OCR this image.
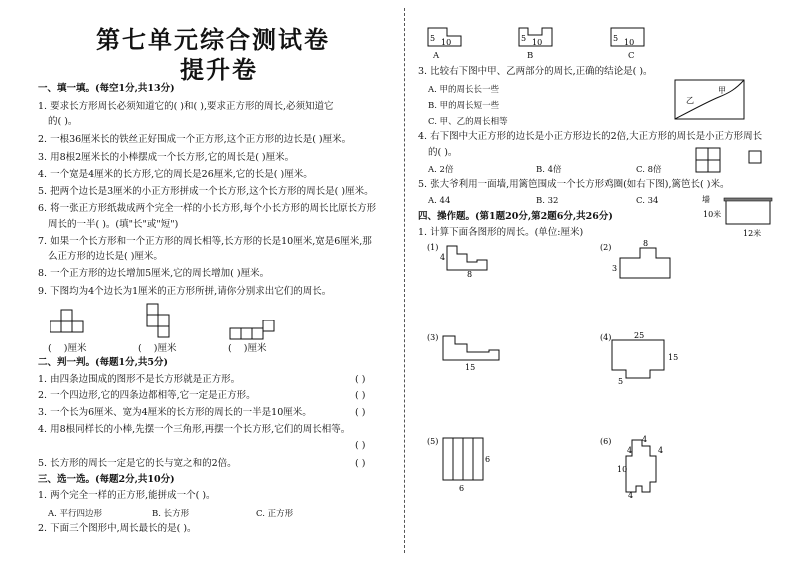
第七单元综合测试卷
提升卷
一、填一填。(每空1分,共13分)
1. 要求长方形周长必须知道它的( )和( ),要求正方形的周长,必须知道它
的( )。
2. 一根36厘米长的铁丝正好围成一个正方形,这个正方形的边长是( )厘米。
3. 用8根2厘米长的小棒摆成一个长方形,它的周长是( )厘米。
4. 一个宽是4厘米的长方形,它的周长是26厘米,它的长是( )厘米。
5. 把两个边长是3厘米的小正方形拼成一个长方形,这个长方形的周长是( )厘米。
6. 将一张正方形纸裁成两个完全一样的小长方形,每个小长方形的周长比原长方形
周长的一半( )。(填"长"或"短")
7. 如果一个长方形和一个正方形的周长相等,长方形的长是10厘米,宽是6厘米,那
么正方形的边长是( )厘米。
8. 一个正方形的边长增加5厘米,它的周长增加( )厘米。
9. 下图均为4个边长为1厘米的正方形所拼,请你分别求出它们的周长。
(    )厘米	(    )厘米	(    )厘米
二、判一判。(每题1分,共5分)
1. 由四条边围成的图形不是长方形就是正方形。	( )
2. 一个四边形,它的四条边都相等,它一定是正方形。	( )
3. 一个长为6厘米、宽为4厘米的长方形的周长的一半是10厘米。	( )
4. 用8根同样长的小棒,先摆一个三角形,再摆一个长方形,它们的周长相等。
( )
5. 长方形的周长一定是它的长与宽之和的2倍。	( )
三、选一选。(每题2分,共10分)
1. 两个完全一样的正方形,能拼成一个( )。
A. 平行四边形	B. 长方形	C. 正方形
2. 下面三个图形中,周长最长的是( )。
5 10
A
5 10
B
5 10
C
3. 比较右下图中甲、乙两部分的周长,正确的结论是( )。
A. 甲的周长长一些
B. 甲的周长短一些
C. 甲、乙的周长相等
甲
乙
4. 右下图中大正方形的边长是小正方形边长的2倍,大正方形的周长是小正方形周长
的( )。
A. 2倍	B. 4倍	C. 8倍
5. 张大爷利用一面墙,用篱笆围成一个长方形鸡圈(如右下图),篱笆长( )米。
A. 44	B. 32	C. 34	墙
10米
12米
四、操作题。(第1题20分,第2题6分,共26分)
1. 计算下面各图形的周长。(单位:厘米)
(1)
4
8
(2)	8
3
(3)
15
(4)	25
15
5
(5)
6
6
(6)	4
4	4
4
10
